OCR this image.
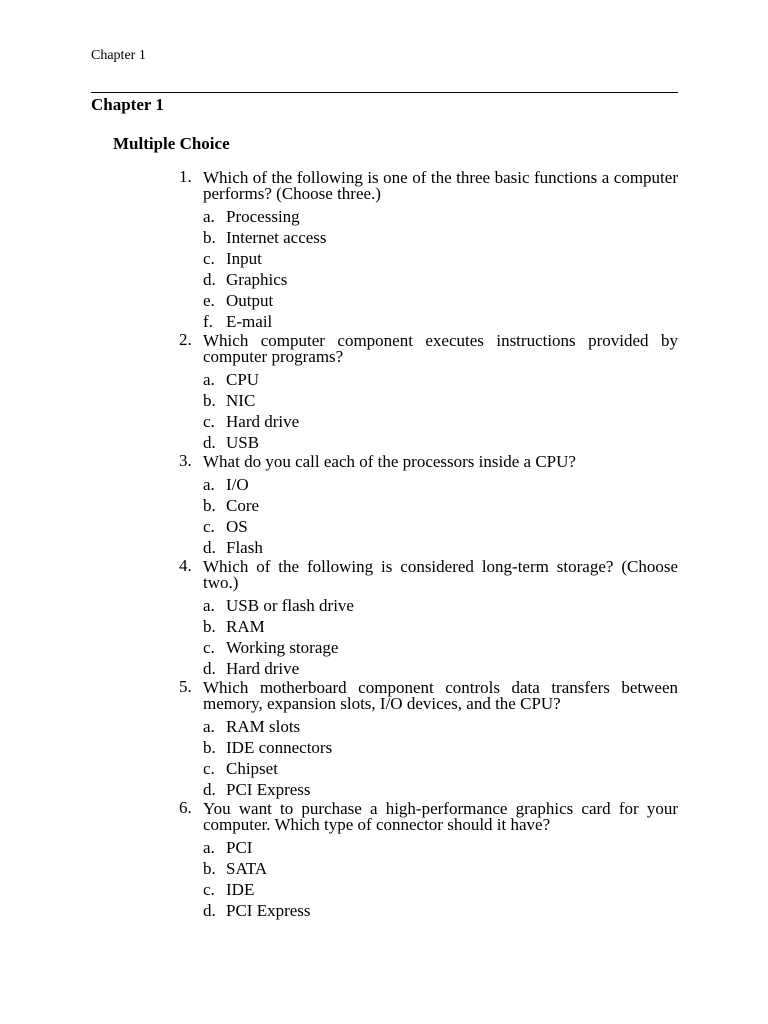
Chapter 1
Chapter 1
Multiple Choice
1. Which of the following is one of the three basic functions a computer performs? (Choose three.)
a. Processing
b. Internet access
c. Input
d. Graphics
e. Output
f. E-mail
2. Which computer component executes instructions provided by computer programs?
a. CPU
b. NIC
c. Hard drive
d. USB
3. What do you call each of the processors inside a CPU?
a. I/O
b. Core
c. OS
d. Flash
4. Which of the following is considered long-term storage? (Choose two.)
a. USB or flash drive
b. RAM
c. Working storage
d. Hard drive
5. Which motherboard component controls data transfers between memory, expansion slots, I/O devices, and the CPU?
a. RAM slots
b. IDE connectors
c. Chipset
d. PCI Express
6. You want to purchase a high-performance graphics card for your computer. Which type of connector should it have?
a. PCI
b. SATA
c. IDE
d. PCI Express
